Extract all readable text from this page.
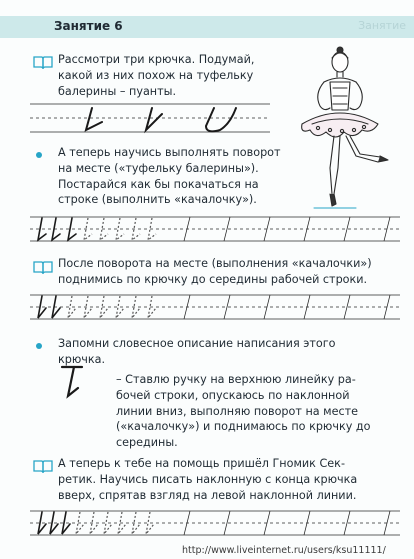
Занятие 6	Занятие
Рассмотри три крючка. Подумай,
какой из них похож на туфельку
балерины – пуанты.
А теперь научись выполнять поворот
на месте («туфельку балерины»).
Постарайся как бы покачаться на
строке (выполнить «качалочку»).
После поворота на месте (выполнения «качалочки»)
поднимись по крючку до середины рабочей строки.
Запомни словесное описание написания этого
крючка.
– Ставлю ручку на верхнюю линейку ра-
бочей строки, опускаюсь по наклонной
линии вниз, выполняю поворот на месте
(«качалочку») и поднимаюсь по крючку до
середины.
А теперь к тебе на помощь пришёл Гномик Сек-
ретик. Научись писать наклонную с конца крючка
вверх, спрятав взгляд на левой наклонной линии.
http://www.liveinternet.ru/users/ksu11111/
